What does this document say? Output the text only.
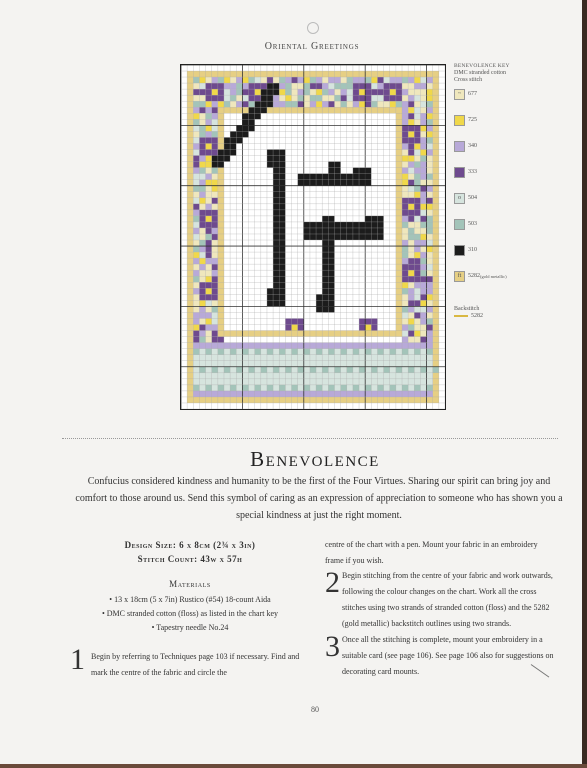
Oriental Greetings
BENEVOLENCE KEY
DMC stranded cotton
Cross stitch
~	677
725
340
333
o	504
503
310
ft	5282 (gold metallic)
Backstitch
5282
Benevolence
Confucius considered kindness and humanity to be the first of the Four Virtues. Sharing our spirit can bring joy and comfort to those around us. Send this symbol of caring as an expression of appreciation to someone who has shown you a special kindness at just the right moment.
Design Size: 6 x 8cm (2¾ x 3in)
Stitch Count: 43w x 57h
Materials
• 13 x 18cm (5 x 7in) Rustico (#54) 18-count Aida
• DMC stranded cotton (floss) as listed in the chart key
• Tapestry needle No.24
1 Begin by referring to Techniques page 103 if necessary. Find and mark the centre of the fabric and circle the
centre of the chart with a pen. Mount your fabric in an embroidery frame if you wish.
2 Begin stitching from the centre of your fabric and work outwards, following the colour changes on the chart. Work all the cross stitches using two strands of stranded cotton (floss) and the 5282 (gold metallic) backstitch outlines using two strands.
3 Once all the stitching is complete, mount your embroidery in a suitable card (see page 106). See page 106 also for suggestions on decorating card mounts.
80
